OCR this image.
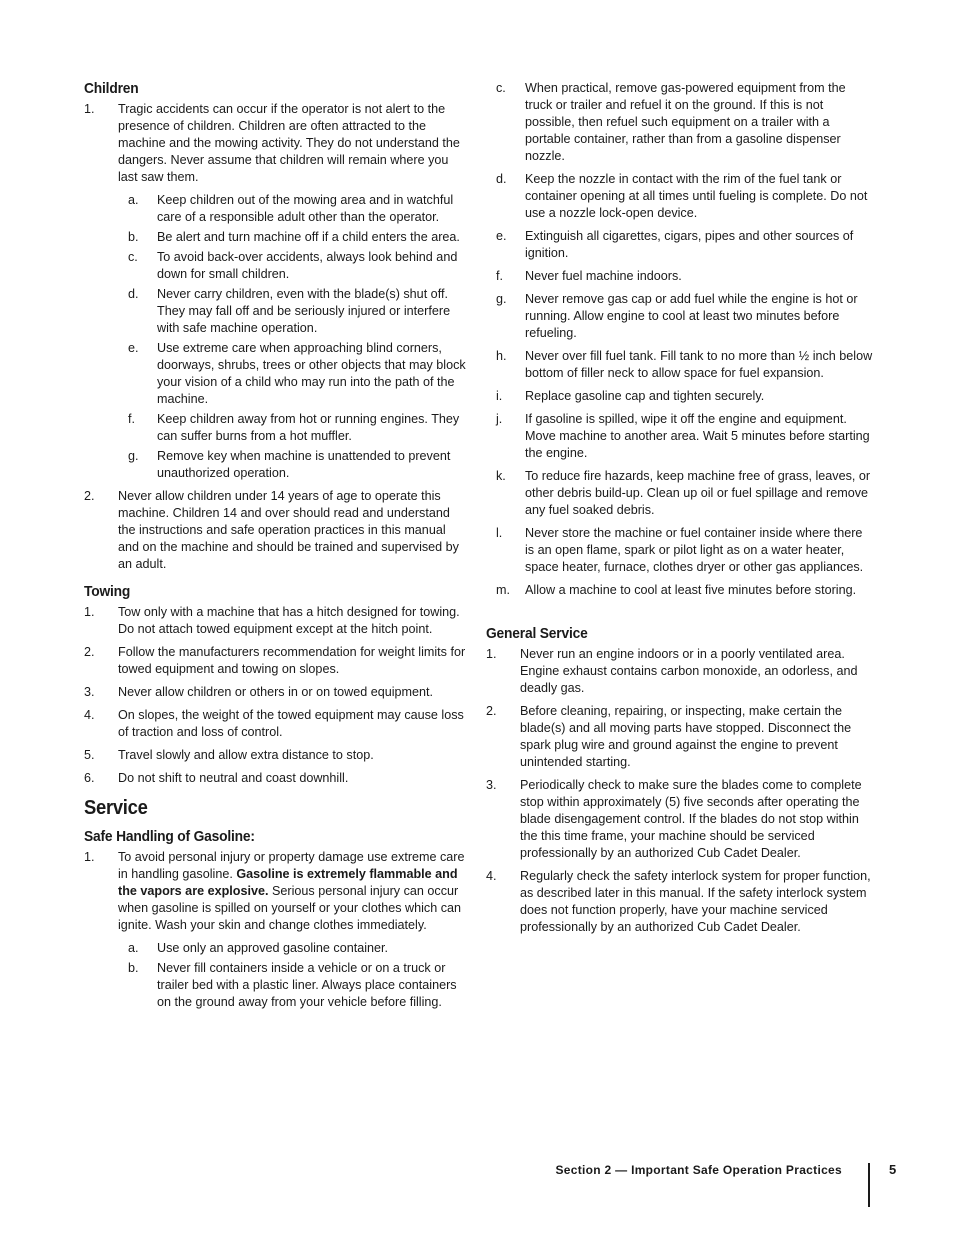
Children
1.	Tragic accidents can occur if the operator is not alert to the presence of children. Children are often attracted to the machine and the mowing activity. They do not understand the dangers. Never assume that children will remain where you last saw them.
a.	Keep children out of the mowing area and in watchful care of a responsible adult other than the operator.
b.	Be alert and turn machine off if a child enters the area.
c.	To avoid back-over accidents, always look behind and down for small children.
d.	Never carry children, even with the blade(s) shut off. They may fall off and be seriously injured or interfere with safe machine operation.
e.	Use extreme care when approaching blind corners, doorways, shrubs, trees or other objects that may block your vision of a child who may run into the path of the machine.
f.	Keep children away from hot or running engines. They can suffer burns from a hot muffler.
g.	Remove key when machine is unattended to prevent unauthorized operation.
2.	Never allow children under 14 years of age to operate this machine. Children 14 and over should read and understand the instructions and safe operation practices in this manual and on the machine and should be trained and supervised by an adult.
Towing
1.	Tow only with a machine that has a hitch designed for towing. Do not attach towed equipment except at the hitch point.
2.	Follow the manufacturers recommendation for weight limits for towed equipment and towing on slopes.
3.	Never allow children or others in or on towed equipment.
4.	On slopes, the weight of the towed equipment may cause loss of traction and loss of control.
5.	Travel slowly and allow extra distance to stop.
6.	Do not shift to neutral and coast downhill.
Service
Safe Handling of Gasoline:
1.	To avoid personal injury or property damage use extreme care in handling gasoline. Gasoline is extremely flammable and the vapors are explosive. Serious personal injury can occur when gasoline is spilled on yourself or your clothes which can ignite. Wash your skin and change clothes immediately.
a.	Use only an approved gasoline container.
b.	Never fill containers inside a vehicle or on a truck or trailer bed with a plastic liner. Always place containers on the ground away from your vehicle before filling.
c.	When practical, remove gas-powered equipment from the truck or trailer and refuel it on the ground. If this is not possible, then refuel such equipment on a trailer with a portable container, rather than from a gasoline dispenser nozzle.
d.	Keep the nozzle in contact with the rim of the fuel tank or container opening at all times until fueling is complete. Do not use a nozzle lock-open device.
e.	Extinguish all cigarettes, cigars, pipes and other sources of ignition.
f.	Never fuel machine indoors.
g.	Never remove gas cap or add fuel while the engine is hot or running. Allow engine to cool at least two minutes before refueling.
h.	Never over fill fuel tank. Fill tank to no more than ½ inch below bottom of filler neck to allow space for fuel expansion.
i.	Replace gasoline cap and tighten securely.
j.	If gasoline is spilled, wipe it off the engine and equipment. Move machine to another area. Wait 5 minutes before starting the engine.
k.	To reduce fire hazards, keep machine free of grass, leaves, or other debris build-up. Clean up oil or fuel spillage and remove any fuel soaked debris.
l.	Never store the machine or fuel container inside where there is an open flame, spark or pilot light as on a water heater, space heater, furnace, clothes dryer or other gas appliances.
m.	Allow a machine to cool at least five minutes before storing.
General Service
1.	Never run an engine indoors or in a poorly ventilated area. Engine exhaust contains carbon monoxide, an odorless, and deadly gas.
2.	Before cleaning, repairing, or inspecting, make certain the blade(s) and all moving parts have stopped. Disconnect the spark plug wire and ground against the engine to prevent unintended starting.
3.	Periodically check to make sure the blades come to complete stop within approximately (5) five seconds after operating the blade disengagement control. If the blades do not stop within the this time frame, your machine should be serviced professionally by an authorized Cub Cadet Dealer.
4.	Regularly check the safety interlock system for proper function, as described later in this manual. If the safety interlock system does not function properly, have your machine serviced professionally by an authorized Cub Cadet Dealer.
Section 2 — Important Safe Operation Practices	5
